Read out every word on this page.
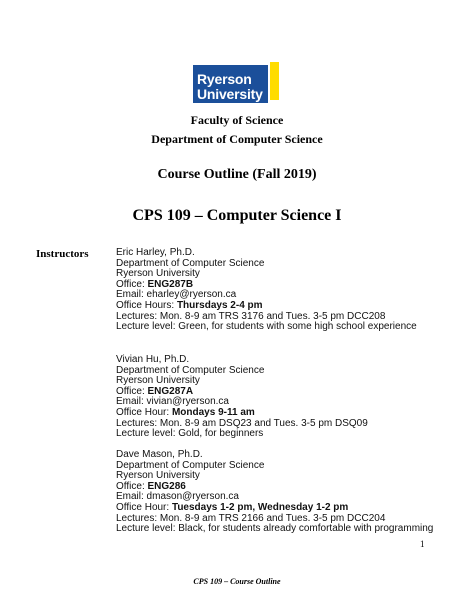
Ryerson
University
Faculty of Science
Department of Computer Science
Course Outline (Fall 2019)
CPS 109 – Computer Science I
Instructors	Eric Harley, Ph.D.
Department of Computer Science
Ryerson University
Office: ENG287B
Email: eharley@ryerson.ca
Office Hours: Thursdays 2-4 pm
Lectures: Mon. 8-9 am TRS 3176 and Tues. 3-5 pm DCC208
Lecture level: Green, for students with some high school experience
Vivian Hu, Ph.D.
Department of Computer Science
Ryerson University
Office: ENG287A
Email: vivian@ryerson.ca
Office Hour: Mondays 9-11 am
Lectures: Mon. 8-9 am DSQ23 and Tues. 3-5 pm DSQ09
Lecture level: Gold, for beginners
Dave Mason, Ph.D.
Department of Computer Science
Ryerson University
Office: ENG286
Email: dmason@ryerson.ca
Office Hour: Tuesdays 1-2 pm, Wednesday 1-2 pm
Lectures: Mon. 8-9 am TRS 2166 and Tues. 3-5 pm DCC204
Lecture level: Black, for students already comfortable with programming
1
CPS 109 – Course Outline
